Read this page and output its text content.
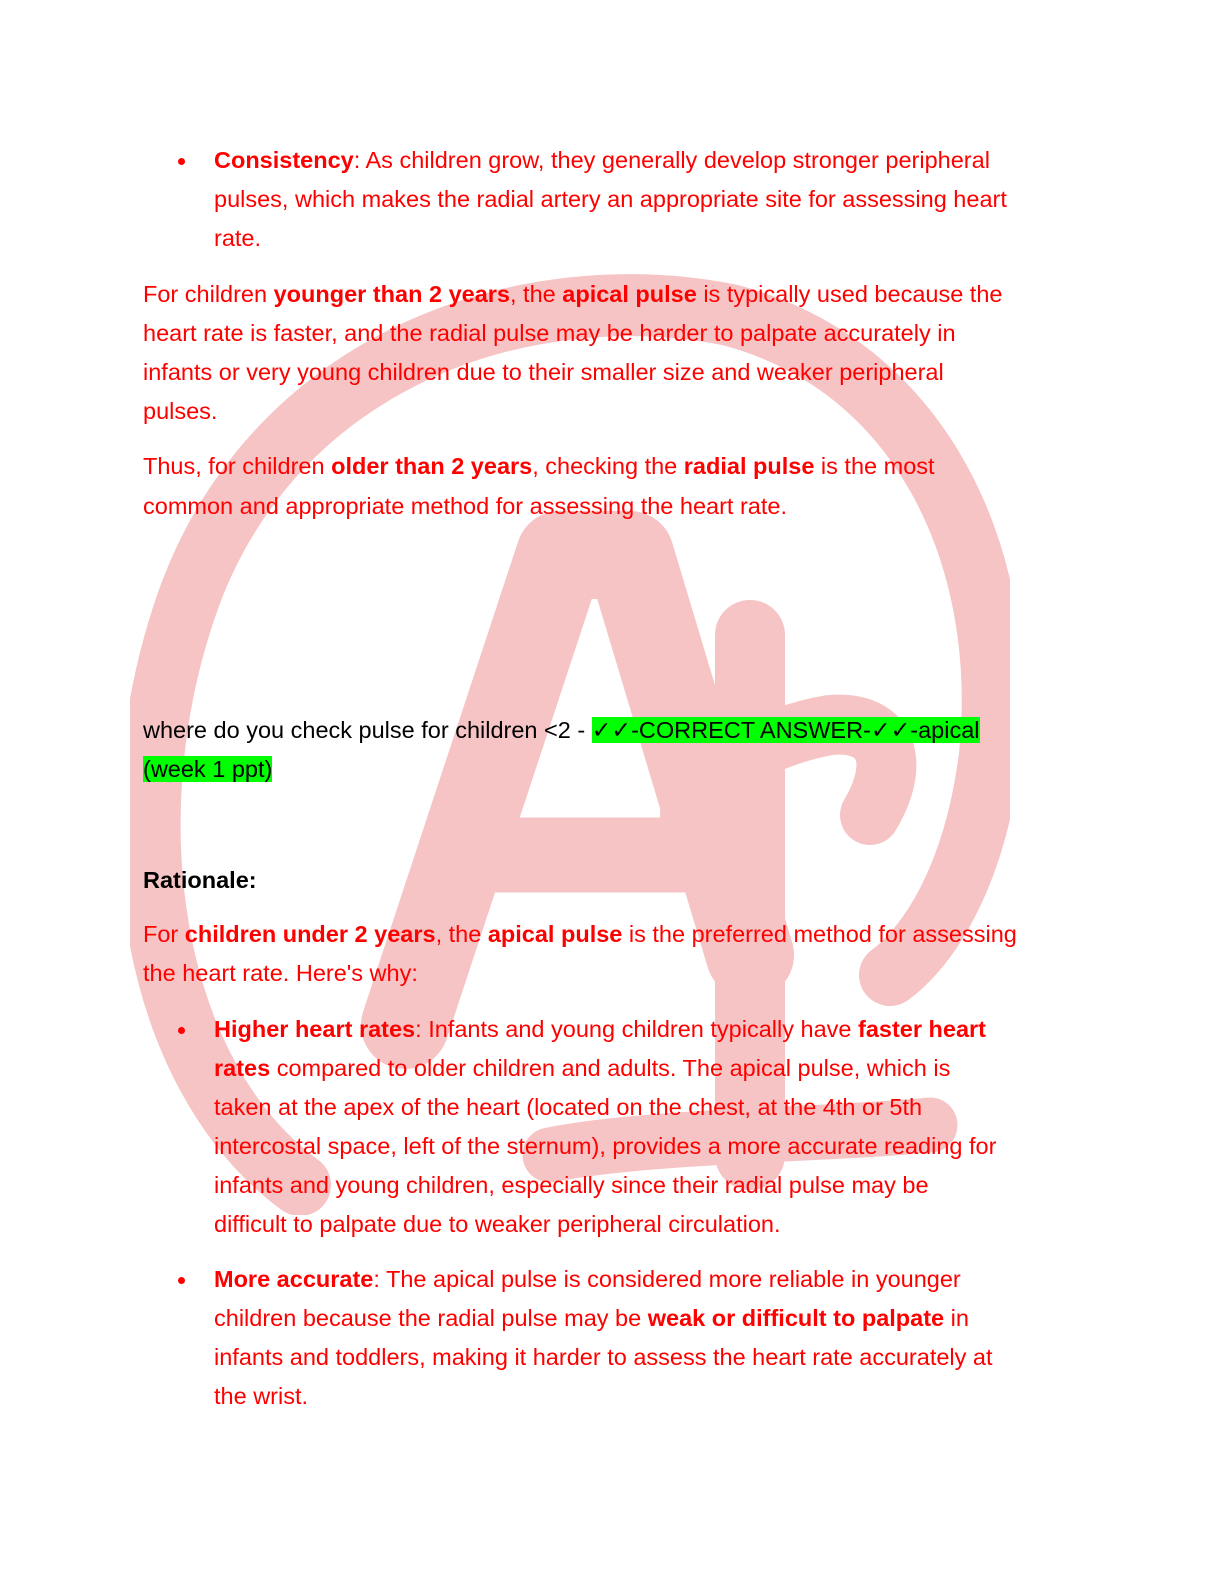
Consistency: As children grow, they generally develop stronger peripheral
pulses, which makes the radial artery an appropriate site for assessing heart
rate.
For children younger than 2 years, the apical pulse is typically used because the
heart rate is faster, and the radial pulse may be harder to palpate accurately in
infants or very young children due to their smaller size and weaker peripheral
pulses.
Thus, for children older than 2 years, checking the radial pulse is the most
common and appropriate method for assessing the heart rate.
where do you check pulse for children <2 - ✓✓-CORRECT ANSWER-✓✓-apical
(week 1 ppt)
Rationale:
For children under 2 years, the apical pulse is the preferred method for assessing
the heart rate. Here's why:
Higher heart rates: Infants and young children typically have faster heart
rates compared to older children and adults. The apical pulse, which is
taken at the apex of the heart (located on the chest, at the 4th or 5th
intercostal space, left of the sternum), provides a more accurate reading for
infants and young children, especially since their radial pulse may be
difficult to palpate due to weaker peripheral circulation.
More accurate: The apical pulse is considered more reliable in younger
children because the radial pulse may be weak or difficult to palpate in
infants and toddlers, making it harder to assess the heart rate accurately at
the wrist.
